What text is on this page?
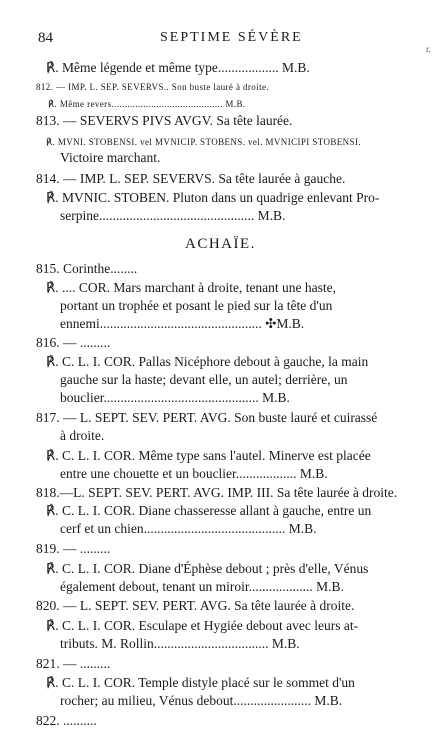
84	SEPTIME SÉVÈRE
r.
℟. Même légende et même type.................. M.B.
812. — IMP. L. SEP. SEVERVS.. Son buste lauré à droite.
℟. Même revers.......................................... M.B.
813. — SEVERVS PIVS AVGV. Sa tête laurée.
℟. MVNI. STOBENSI. vel MVNICIP. STOBENS. vel. MVNICIPI STOBENSI.
Victoire marchant.
814. — IMP. L. SEP. SEVERVS. Sa tête laurée à gauche.
℟. MVNIC. STOBEN. Pluton dans un quadrige enlevant Pro-
serpine.............................................. M.B.
ACHAÏE.
815. Corinthe........
℟. .... COR. Mars marchant à droite, tenant une haste,
portant un trophée et posant le pied sur la tête d'un
ennemi................................................ ✣M.B.
816. — .........
℟. C. L. I. COR. Pallas Nicéphore debout à gauche, la main
gauche sur la haste; devant elle, un autel; derrière, un
bouclier.............................................. M.B.
817. — L. SEPT. SEV. PERT. AVG. Son buste lauré et cuirassé
à droite.
℟. C. L. I. COR. Même type sans l'autel. Minerve est placée
entre une chouette et un bouclier.................. M.B.
818.—L. SEPT. SEV. PERT. AVG. IMP. III. Sa tête laurée à droite.
℟. C. L. I. COR. Diane chasseresse allant à gauche, entre un
cerf et un chien.......................................... M.B.
819. — .........
℟. C. L. I. COR. Diane d'Éphèse debout ; près d'elle, Vénus
également debout, tenant un miroir................... M.B.
820. — L. SEPT. SEV. PERT. AVG. Sa tête laurée à droite.
℟. C. L. I. COR. Esculape et Hygiée debout avec leurs at-
tributs. M. Rollin.................................. M.B.
821. — .........
℟. C. L. I. COR. Temple distyle placé sur le sommet d'un
rocher; au milieu, Vénus debout....................... M.B.
822. ..........
